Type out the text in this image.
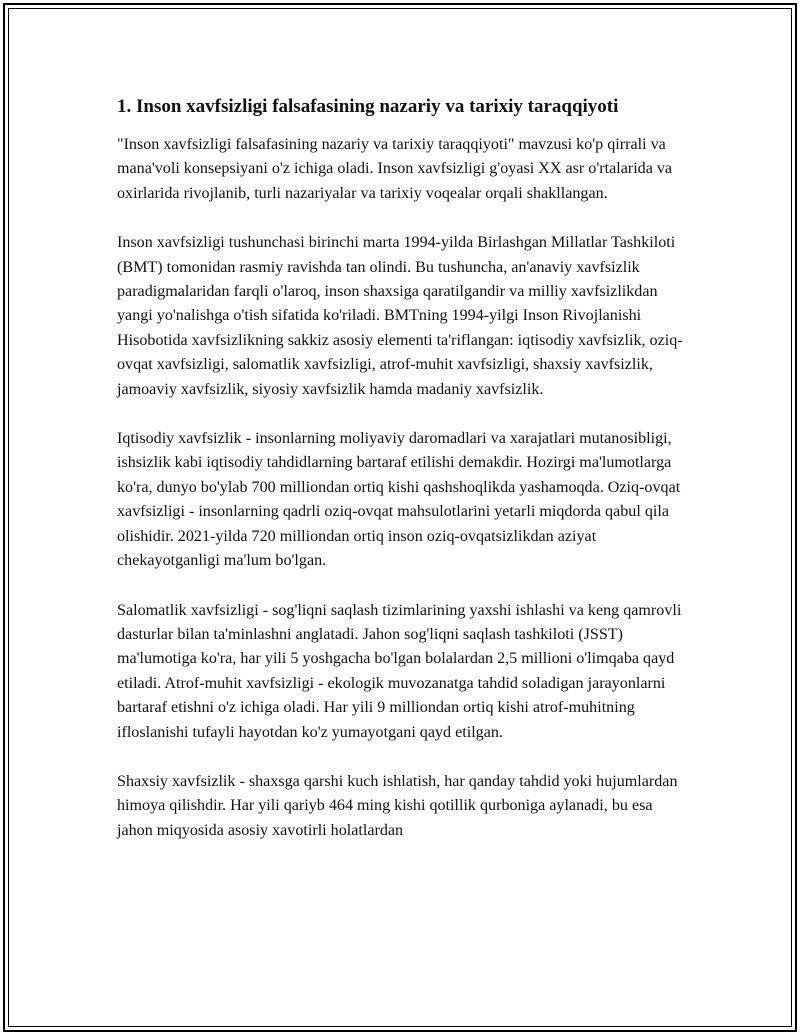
1. Inson xavfsizligi falsafasining nazariy va tarixiy taraqqiyoti

"Inson xavfsizligi falsafasining nazariy va tarixiy taraqqiyoti" mavzusi ko'p qirrali va mana'voli konsepsiyani o'z ichiga oladi. Inson xavfsizligi g'oyasi XX asr o'rtalarida va oxirlarida rivojlanib, turli nazariyalar va tarixiy voqealar orqali shakllangan.

Inson xavfsizligi tushunchasi birinchi marta 1994-yilda Birlashgan Millatlar Tashkiloti (BMT) tomonidan rasmiy ravishda tan olindi. Bu tushuncha, an'anaviy xavfsizlik paradigmalaridan farqli o'laroq, inson shaxsiga qaratilgandir va milliy xavfsizlikdan yangi yo'nalishga o'tish sifatida ko'riladi. BMTning 1994-yilgi Inson Rivojlanishi Hisobotida xavfsizlikning sakkiz asosiy elementi ta'riflangan: iqtisodiy xavfsizlik, oziq-ovqat xavfsizligi, salomatlik xavfsizligi, atrof-muhit xavfsizligi, shaxsiy xavfsizlik, jamoaviy xavfsizlik, siyosiy xavfsizlik hamda madaniy xavfsizlik.

Iqtisodiy xavfsizlik - insonlarning moliyaviy daromadlari va xarajatlari mutanosibligi, ishsizlik kabi iqtisodiy tahdidlarning bartaraf etilishi demakdir. Hozirgi ma'lumotlarga ko'ra, dunyo bo'ylab 700 milliondan ortiq kishi qashshoqlikda yashamoqda. Oziq-ovqat xavfsizligi - insonlarning qadrli oziq-ovqat mahsulotlarini yetarli miqdorda qabul qila olishidir. 2021-yilda 720 milliondan ortiq inson oziq-ovqatsizlikdan aziyat chekayotganligi ma'lum bo'lgan.

Salomatlik xavfsizligi - sog'liqni saqlash tizimlarining yaxshi ishlashi va keng qamrovli dasturlar bilan ta'minlashni anglatadi. Jahon sog'liqni saqlash tashkiloti (JSST) ma'lumotiga ko'ra, har yili 5 yoshgacha bo'lgan bolalardan 2,5 millioni o'limqaba qayd etiladi. Atrof-muhit xavfsizligi - ekologik muvozanatga tahdid soladigan jarayonlarni bartaraf etishni o'z ichiga oladi. Har yili 9 milliondan ortiq kishi atrof-muhitning ifloslanishi tufayli hayotdan ko'z yumayotgani qayd etilgan.

Shaxsiy xavfsizlik - shaxsga qarshi kuch ishlatish, har qanday tahdid yoki hujumlardan himoya qilishdir. Har yili qariyb 464 ming kishi qotillik qurboniga aylanadi, bu esa jahon miqyosida asosiy xavotirli holatlardan
